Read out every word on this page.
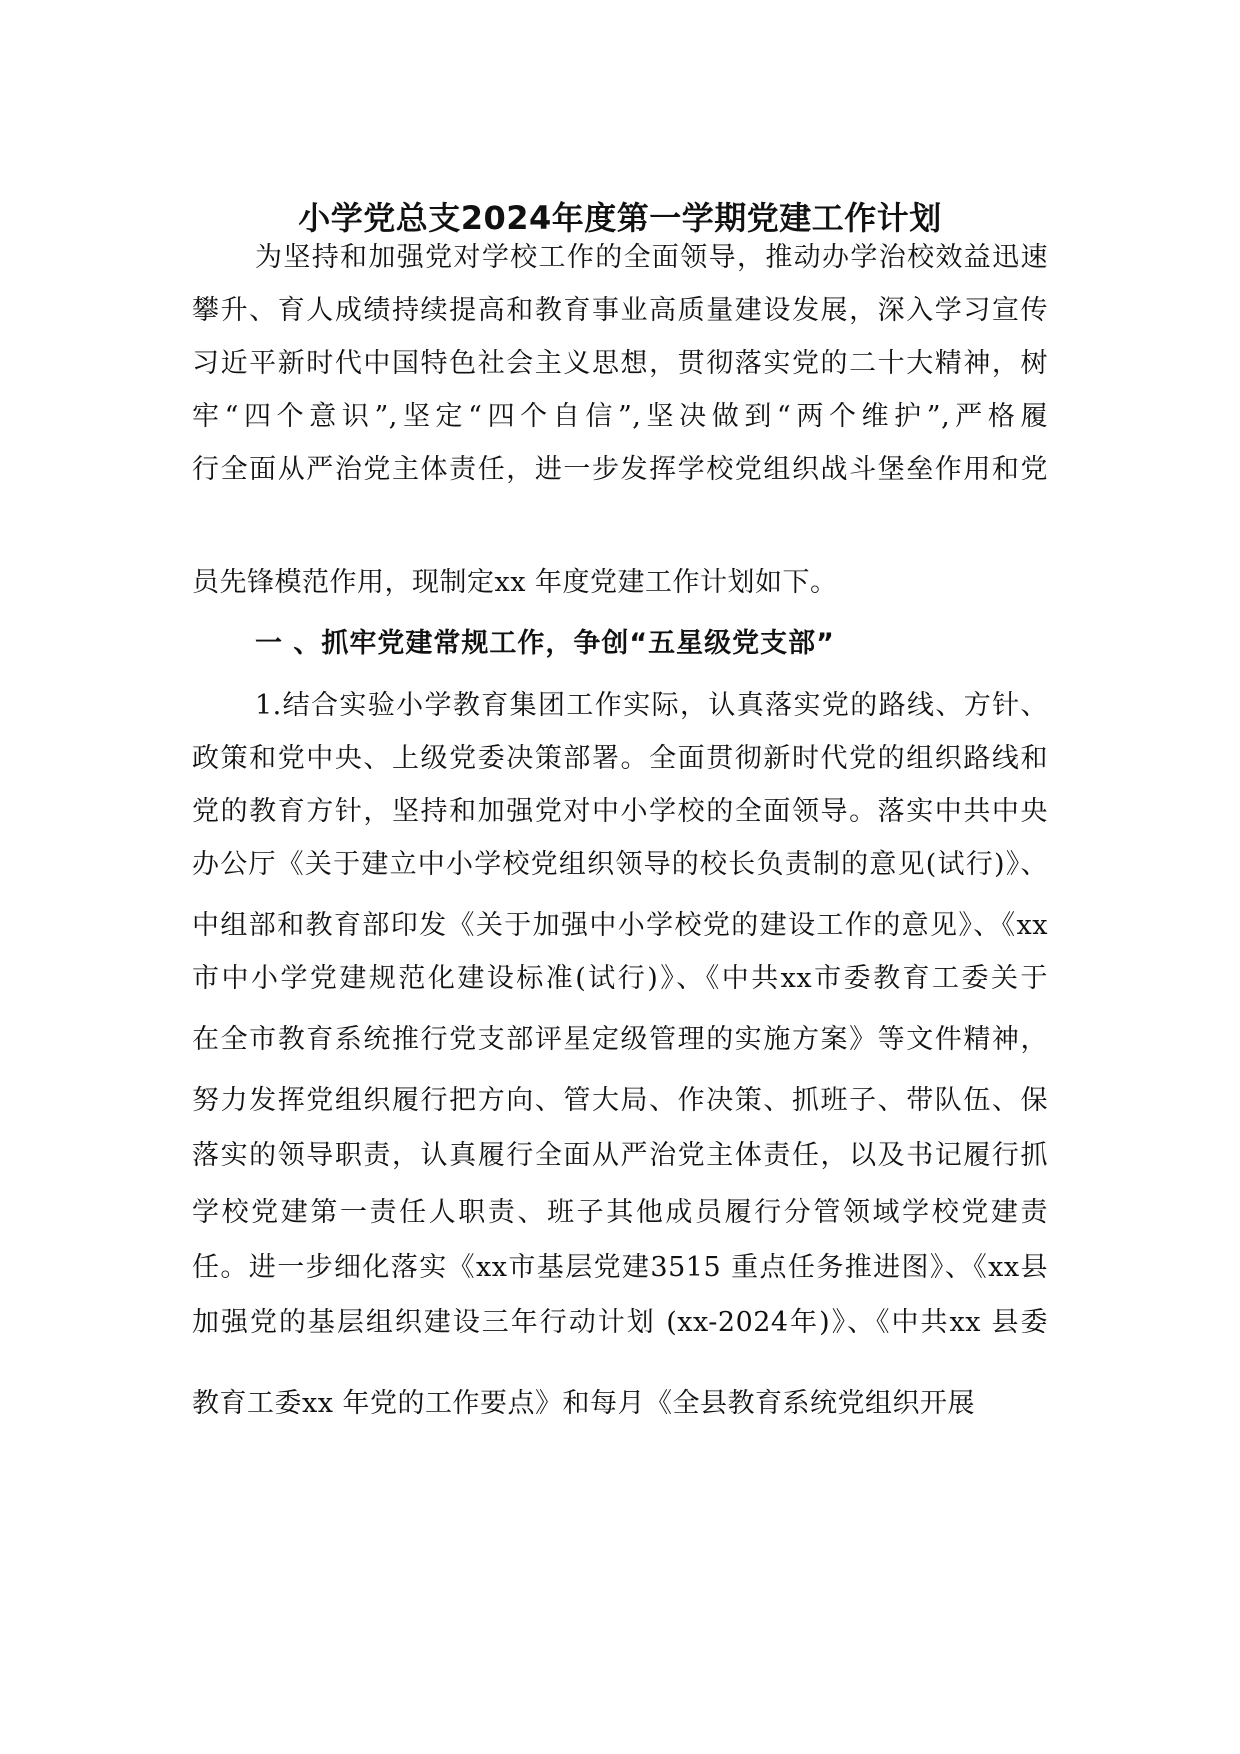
小学党总支2024年度第一学期党建工作计划
为坚持和加强党对学校工作的全面领导，推动办学治校效益迅速
攀升、育人成绩持续提高和教育事业高质量建设发展，深入学习宣传
习近平新时代中国特色社会主义思想，贯彻落实党的二十大精神，树
牢“四个意识”,坚定“四个自信”,坚决做到“两个维护”,严格履
行全面从严治党主体责任，进一步发挥学校党组织战斗堡垒作用和党
员先锋模范作用，现制定xx 年度党建工作计划如下。
一 、抓牢党建常规工作，争创“五星级党支部”
1.结合实验小学教育集团工作实际，认真落实党的路线、方针、
政策和党中央、上级党委决策部署。全面贯彻新时代党的组织路线和
党的教育方针，坚持和加强党对中小学校的全面领导。落实中共中央
办公厅《关于建立中小学校党组织领导的校长负责制的意见(试行)》、
中组部和教育部印发《关于加强中小学校党的建设工作的意见》、《xx
市中小学党建规范化建设标准(试行)》、《中共xx市委教育工委关于
在全市教育系统推行党支部评星定级管理的实施方案》等文件精神，
努力发挥党组织履行把方向、管大局、作决策、抓班子、带队伍、保
落实的领导职责，认真履行全面从严治党主体责任，以及书记履行抓
学校党建第一责任人职责、班子其他成员履行分管领域学校党建责
任。进一步细化落实《xx市基层党建3515 重点任务推进图》、《xx县
加强党的基层组织建设三年行动计划 (xx-2024年)》、《中共xx 县委
教育工委xx 年党的工作要点》和每月《全县教育系统党组织开展
